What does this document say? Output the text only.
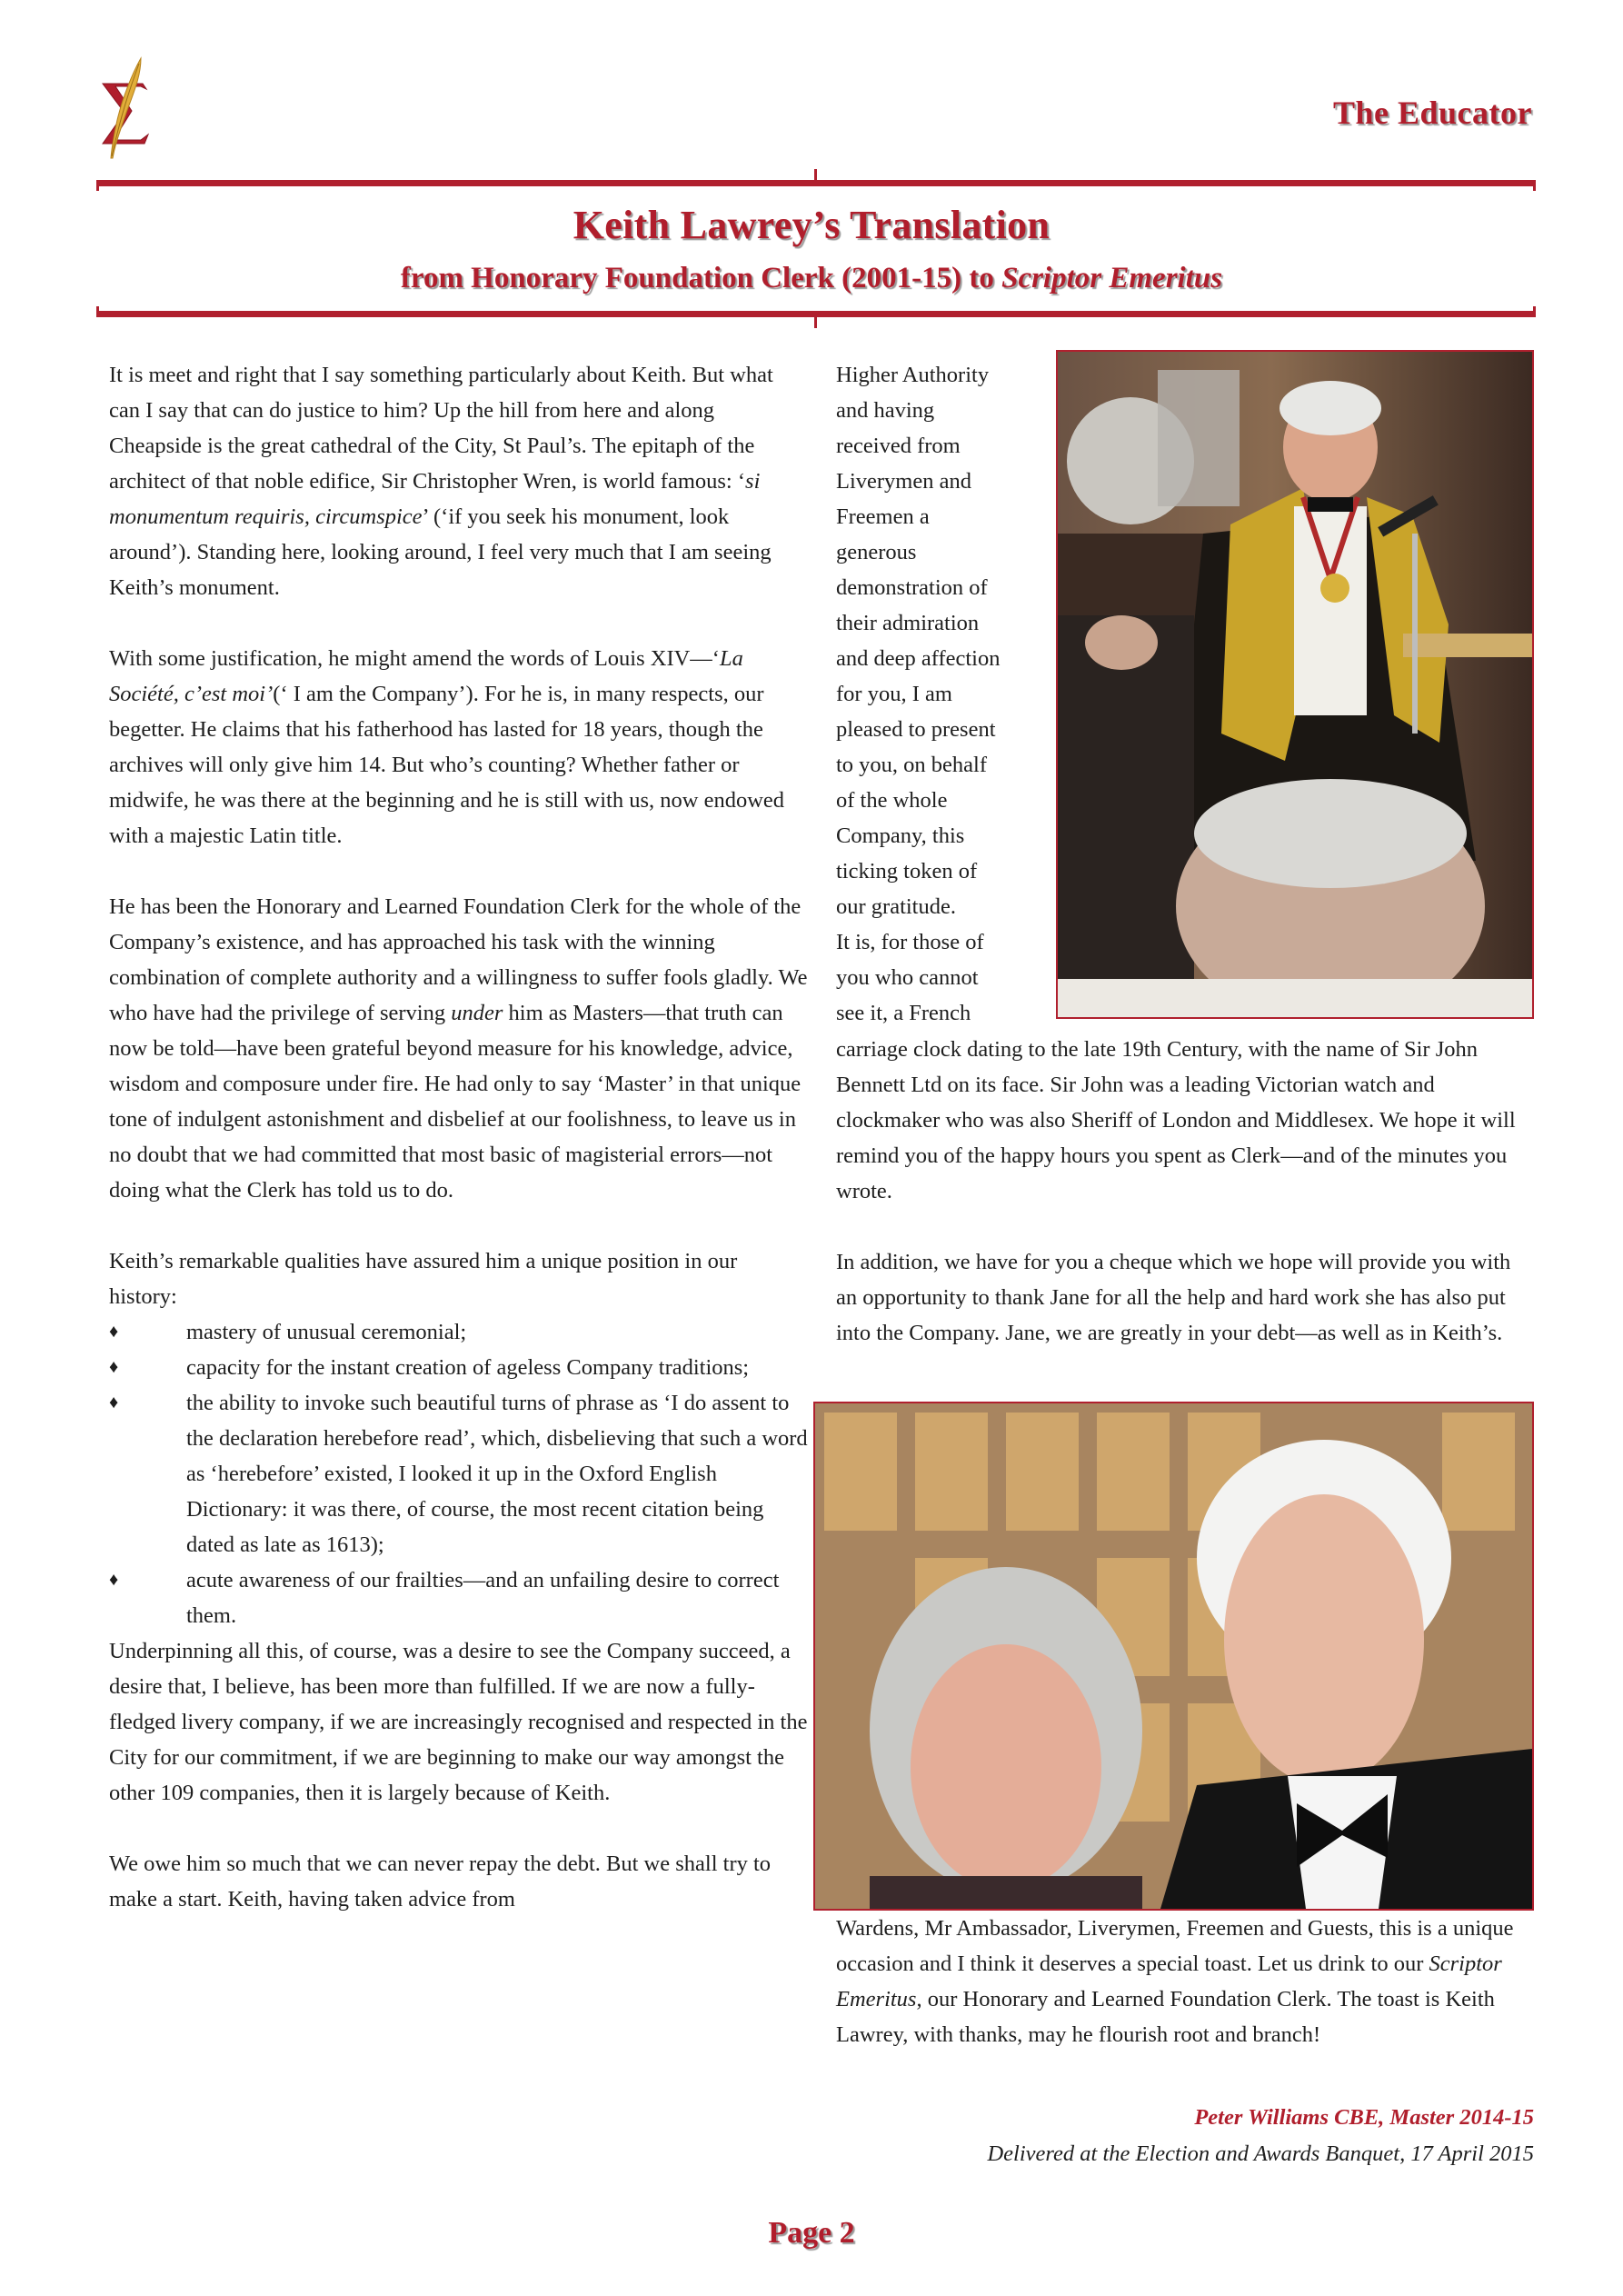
The Educator
Keith Lawrey’s Translation
from Honorary Foundation Clerk (2001-15) to Scriptor Emeritus

It is meet and right that I say something particularly about Keith. But what can I say that can do justice to him? Up the hill from here and along Cheapside is the great cathedral of the City, St Paul’s. The epitaph of the architect of that noble edifice, Sir Christopher Wren, is world famous: ‘si monumentum requiris, circumspice’ (‘if you seek his monument, look around’). Standing here, looking around, I feel very much that I am seeing Keith’s monument.

With some justification, he might amend the words of Louis XIV—‘La Société, c’est moi’(‘ I am the Company’). For he is, in many respects, our begetter. He claims that his fatherhood has lasted for 18 years, though the archives will only give him 14. But who’s counting? Whether father or midwife, he was there at the beginning and he is still with us, now endowed with a majestic Latin title.

He has been the Honorary and Learned Foundation Clerk for the whole of the Company’s existence, and has approached his task with the winning combination of complete authority and a willingness to suffer fools gladly. We who have had the privilege of serving under him as Masters—that truth can now be told—have been grateful beyond measure for his knowledge, advice, wisdom and composure under fire. He had only to say ‘Master’ in that unique tone of indulgent astonishment and disbelief at our foolishness, to leave us in no doubt that we had committed that most basic of magisterial errors—not doing what the Clerk has told us to do.

Keith’s remarkable qualities have assured him a unique position in our history:
♦	mastery of unusual ceremonial;
♦	capacity for the instant creation of ageless Company traditions;
♦	the ability to invoke such beautiful turns of phrase as ‘I do assent to the declaration herebefore read’, which, disbelieving that such a word as ‘herebefore’ existed, I looked it up in the Oxford English Dictionary: it was there, of course, the most recent citation being dated as late as 1613);
♦	acute awareness of our frailties—and an unfailing desire to correct them.

Underpinning all this, of course, was a desire to see the Company succeed, a desire that, I believe, has been more than fulfilled. If we are now a fully-fledged livery company, if we are increasingly recognised and respected in the City for our commitment, if we are beginning to make our way amongst the other 109 companies, then it is largely because of Keith.

We owe him so much that we can never repay the debt. But we shall try to make a start. Keith, having taken advice from

Higher Authority
and having
received from
Liverymen and
Freemen a
generous
demonstration of
their admiration
and deep affection
for you, I am
pleased to present
to you, on behalf
of the whole
Company, this
ticking token of
our gratitude.
It is, for those of
you who cannot
see it, a French

carriage clock dating to the late 19th Century, with the name of Sir John Bennett Ltd on its face. Sir John was a leading Victorian watch and clockmaker who was also Sheriff of London and Middlesex. We hope it will remind you of the happy hours you spent as Clerk—and of the minutes you wrote.

In addition, we have for you a cheque which we hope will provide you with an opportunity to thank Jane for all the help and hard work she has also put into the Company. Jane, we are greatly in your debt—as well as in Keith’s.

Wardens, Mr Ambassador, Liverymen, Freemen and Guests, this is a unique occasion and I think it deserves a special toast. Let us drink to our Scriptor Emeritus, our Honorary and Learned Foundation Clerk. The toast is Keith Lawrey, with thanks, may he flourish root and branch!
Peter Williams CBE, Master 2014-15
Delivered at the Election and Awards Banquet, 17 April 2015
Page 2
